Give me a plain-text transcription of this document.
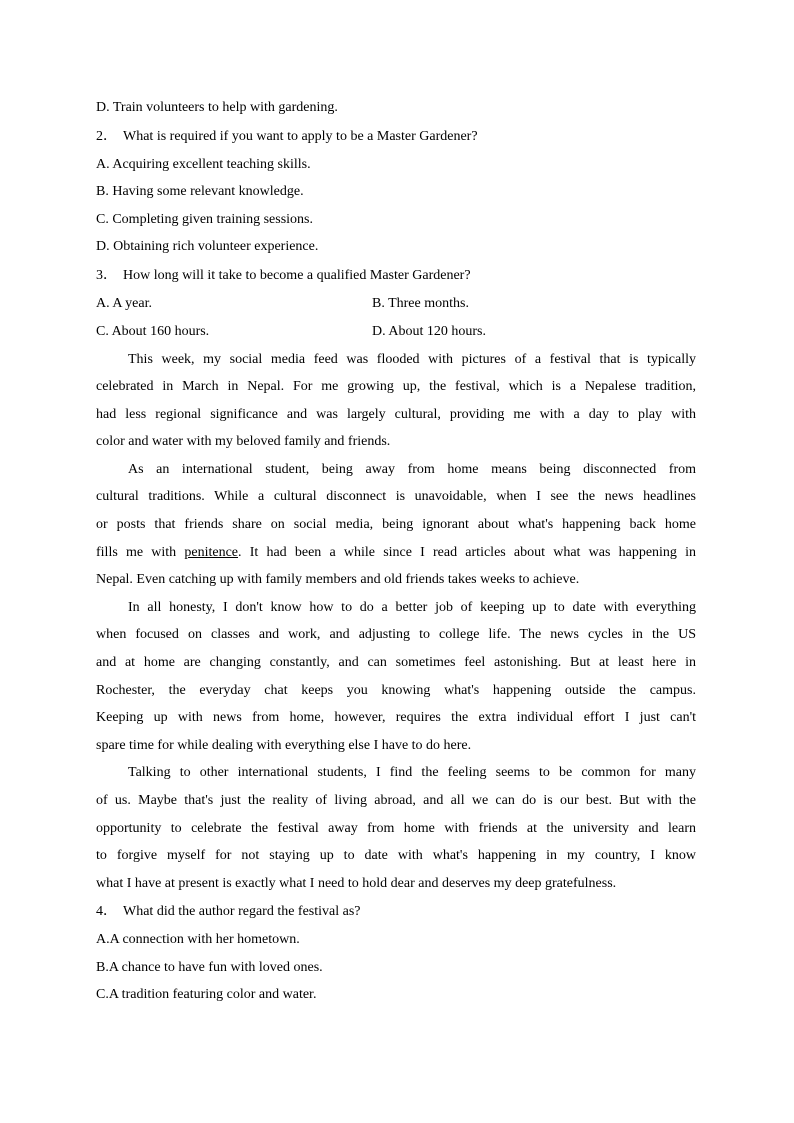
D. Train volunteers to help with gardening.
2． What is required if you want to apply to be a Master Gardener?
A. Acquiring excellent teaching skills.
B. Having some relevant knowledge.
C. Completing given training sessions.
D. Obtaining rich volunteer experience.
3． How long will it take to become a qualified Master Gardener?
A. A year.	B. Three months.
C. About 160 hours.	D. About 120 hours.
This week, my social media feed was flooded with pictures of a festival that is typically
celebrated in March in Nepal. For me growing up, the festival, which is a Nepalese tradition,
had less regional significance and was largely cultural, providing me with a day to play with
color and water with my beloved family and friends.
As an international student, being away from home means being disconnected from
cultural traditions. While a cultural disconnect is unavoidable, when I see the news headlines
or posts that friends share on social media, being ignorant about what's happening back home
fills me with penitence. It had been a while since I read articles about what was happening in
Nepal. Even catching up with family members and old friends takes weeks to achieve.
In all honesty, I don't know how to do a better job of keeping up to date with everything
when focused on classes and work, and adjusting to college life. The news cycles in the US
and at home are changing constantly, and can sometimes feel astonishing. But at least here in
Rochester, the everyday chat keeps you knowing what's happening outside the campus.
Keeping up with news from home, however, requires the extra individual effort I just can't
spare time for while dealing with everything else I have to do here.
Talking to other international students, I find the feeling seems to be common for many
of us. Maybe that's just the reality of living abroad, and all we can do is our best. But with the
opportunity to celebrate the festival away from home with friends at the university and learn
to forgive myself for not staying up to date with what's happening in my country, I know
what I have at present is exactly what I need to hold dear and deserves my deep gratefulness.
4． What did the author regard the festival as?
A.A connection with her hometown.
B.A chance to have fun with loved ones.
C.A tradition featuring color and water.
